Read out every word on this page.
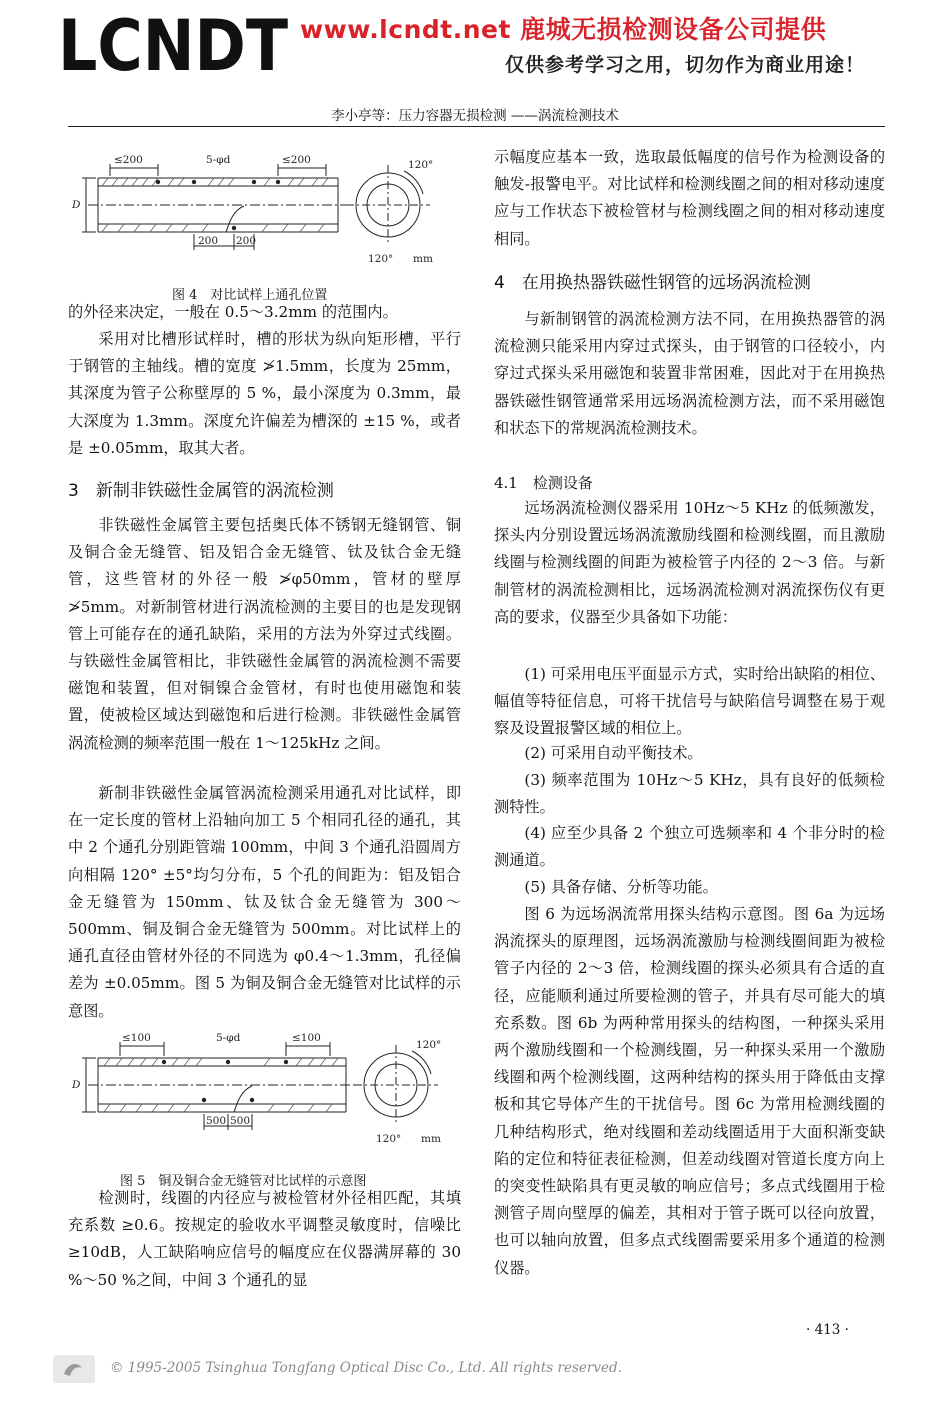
LCNDT www.lcndt.net 鹿城无损检测设备公司提供
仅供参考学习之用，切勿作为商业用途！
李小亭等：压力容器无损检测 ——涡流检测技术
≤200	5-φd	≤200
200 200
D
120°
120° mm
图 4　对比试样上通孔位置
的外径来决定，一般在 0.5～3.2mm 的范围内。
采用对比槽形试样时，槽的形状为纵向矩形槽，平行于钢管的主轴线。槽的宽度 ≯1.5mm，长度为 25mm，其深度为管子公称壁厚的 5 %，最小深度为 0.3mm，最大深度为 1.3mm。深度允许偏差为槽深的 ±15 %，或者是 ±0.05mm，取其大者。
3　新制非铁磁性金属管的涡流检测
非铁磁性金属管主要包括奥氏体不锈钢无缝钢管、铜及铜合金无缝管、铝及铝合金无缝管、钛及钛合金无缝管，这些管材的外径一般 ≯φ50mm，管材的壁厚 ≯5mm。对新制管材进行涡流检测的主要目的也是发现钢管上可能存在的通孔缺陷，采用的方法为外穿过式线圈。与铁磁性金属管相比，非铁磁性金属管的涡流检测不需要磁饱和装置，但对铜镍合金管材，有时也使用磁饱和装置，使被检区域达到磁饱和后进行检测。非铁磁性金属管涡流检测的频率范围一般在 1～125kHz 之间。
新制非铁磁性金属管涡流检测采用通孔对比试样，即在一定长度的管材上沿轴向加工 5 个相同孔径的通孔，其中 2 个通孔分别距管端 100mm，中间 3 个通孔沿圆周方向相隔 120° ±5°均匀分布，5 个孔的间距为：铝及铝合金无缝管为 150mm、钛及钛合金无缝管为 300～500mm、铜及铜合金无缝管为 500mm。对比试样上的通孔直径由管材外径的不同选为 φ0.4～1.3mm，孔径偏差为 ±0.05mm。图 5 为铜及铜合金无缝管对比试样的示意图。
≤100	5-φd	≤100
500 500
D
120°
120° mm
图 5　铜及铜合金无缝管对比试样的示意图
检测时，线圈的内径应与被检管材外径相匹配，其填充系数 ≥0.6。按规定的验收水平调整灵敏度时，信噪比 ≥10dB，人工缺陷响应信号的幅度应在仪器满屏幕的 30 %～50 %之间，中间 3 个通孔的显
示幅度应基本一致，选取最低幅度的信号作为检测设备的触发-报警电平。对比试样和检测线圈之间的相对移动速度应与工作状态下被检管材与检测线圈之间的相对移动速度相同。
4　在用换热器铁磁性钢管的远场涡流检测
与新制钢管的涡流检测方法不同，在用换热器管的涡流检测只能采用内穿过式探头，由于钢管的口径较小，内穿过式探头采用磁饱和装置非常困难，因此对于在用换热器铁磁性钢管通常采用远场涡流检测方法，而不采用磁饱和状态下的常规涡流检测技术。
4.1　检测设备
远场涡流检测仪器采用 10Hz～5 KHz 的低频激发，探头内分别设置远场涡流激励线圈和检测线圈，而且激励线圈与检测线圈的间距为被检管子内径的 2～3 倍。与新制管材的涡流检测相比，远场涡流检测对涡流探伤仪有更高的要求，仪器至少具备如下功能：
(1) 可采用电压平面显示方式，实时给出缺陷的相位、幅值等特征信息，可将干扰信号与缺陷信号调整在易于观察及设置报警区域的相位上。
(2) 可采用自动平衡技术。
(3) 频率范围为 10Hz～5 KHz，具有良好的低频检测特性。
(4) 应至少具备 2 个独立可选频率和 4 个非分时的检测通道。
(5) 具备存储、分析等功能。
图 6 为远场涡流常用探头结构示意图。图 6a 为远场涡流探头的原理图，远场涡流激励与检测线圈间距为被检管子内径的 2～3 倍，检测线圈的探头必须具有合适的直径，应能顺利通过所要检测的管子，并具有尽可能大的填充系数。图 6b 为两种常用探头的结构图，一种探头采用两个激励线圈和一个检测线圈，另一种探头采用一个激励线圈和两个检测线圈，这两种结构的探头用于降低由支撑板和其它导体产生的干扰信号。图 6c 为常用检测线圈的几种结构形式，绝对线圈和差动线圈适用于大面积渐变缺陷的定位和特征表征检测，但差动线圈对管道长度方向上的突变性缺陷具有更灵敏的响应信号；多点式线圈用于检测管子周向壁厚的偏差，其相对于管子既可以径向放置，也可以轴向放置，但多点式线圈需要采用多个通道的检测仪器。
· 413 ·
© 1995-2005 Tsinghua Tongfang Optical Disc Co., Ltd. All rights reserved.
